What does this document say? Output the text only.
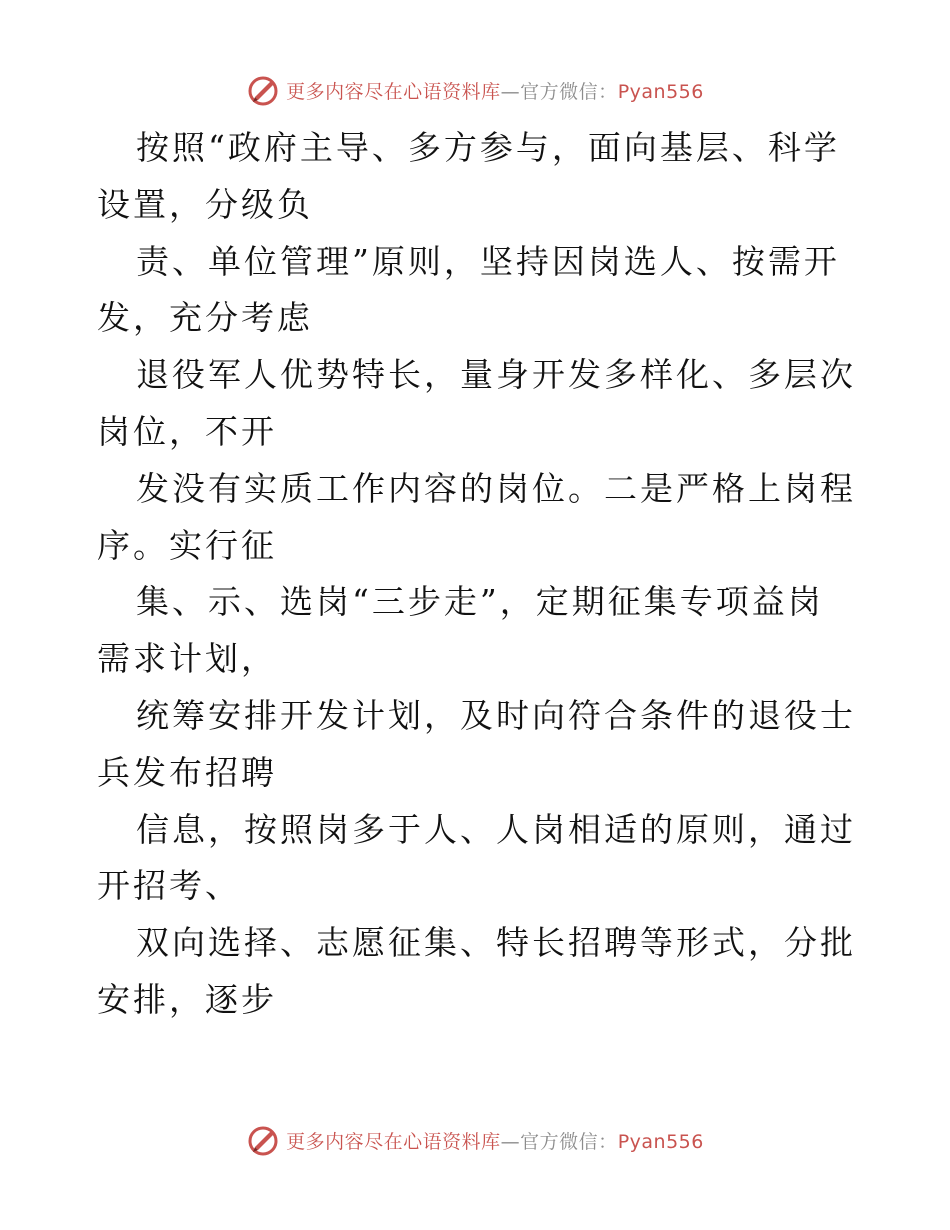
更多内容尽在心语资料库—官方微信：Pyan556

按照“政府主导、多方参与，面向基层、科学设置，分级负

责、单位管理”原则，坚持因岗选人、按需开发，充分考虑

退役军人优势特长，量身开发多样化、多层次岗位，不开

发没有实质工作内容的岗位。二是严格上岗程序。实行征

集、示、选岗“三步走”，定期征集专项益岗需求计划，

统筹安排开发计划，及时向符合条件的退役士兵发布招聘

信息，按照岗多于人、人岗相适的原则，通过开招考、

双向选择、志愿征集、特长招聘等形式，分批安排，逐步

更多内容尽在心语资料库—官方微信：Pyan556
